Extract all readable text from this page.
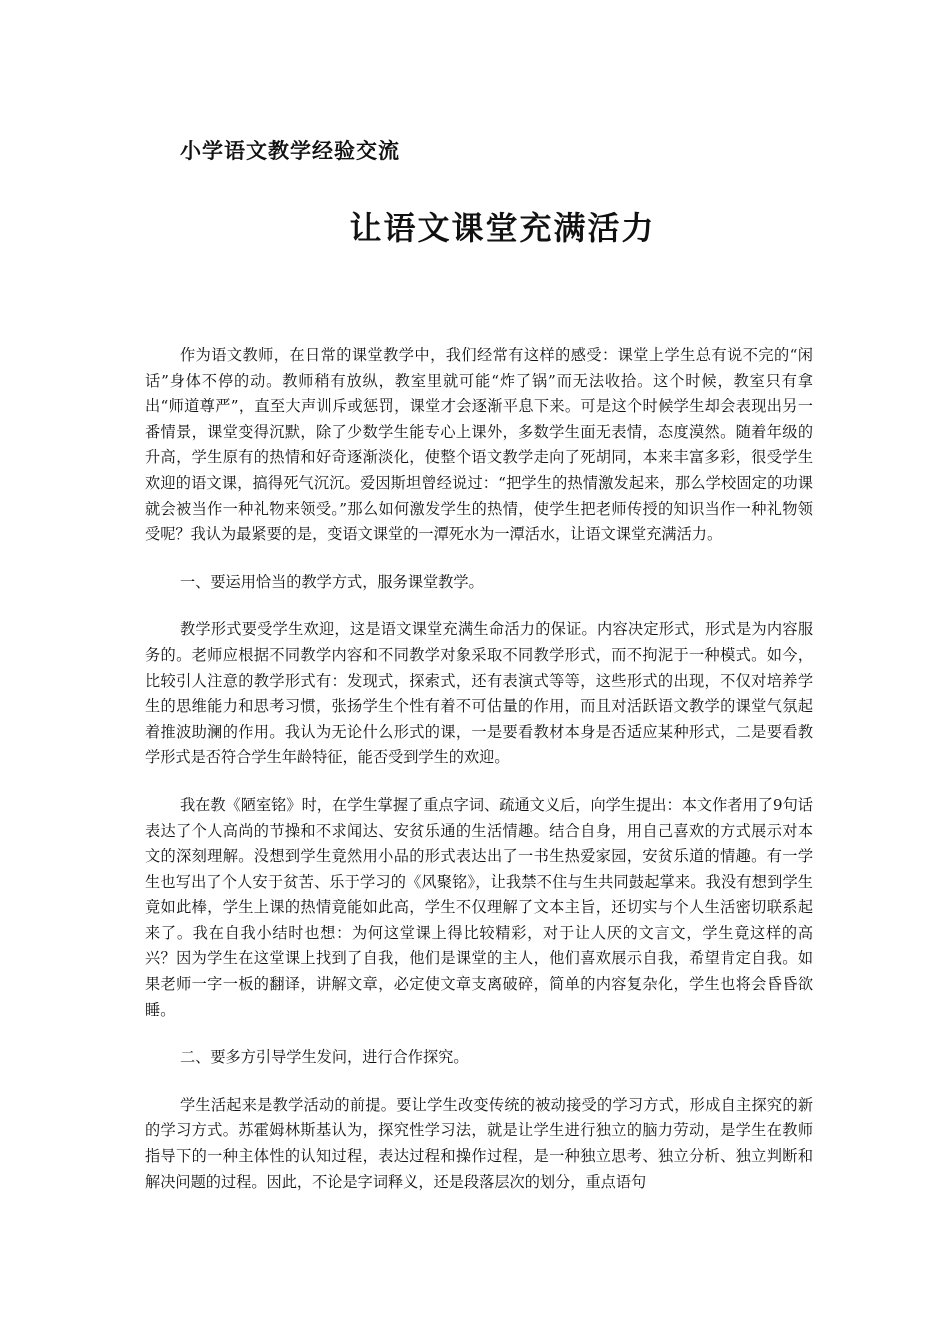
小学语文教学经验交流
让语文课堂充满活力

作为语文教师，在日常的课堂教学中，我们经常有这样的感受：课堂上学生总有说不完的“闲话”身体不停的动。教师稍有放纵，教室里就可能“炸了锅”而无法收拾。这个时候，教室只有拿出“师道尊严”，直至大声训斥或惩罚，课堂才会逐渐平息下来。可是这个时候学生却会表现出另一番情景，课堂变得沉默，除了少数学生能专心上课外，多数学生面无表情，态度漠然。随着年级的升高，学生原有的热情和好奇逐渐淡化，使整个语文教学走向了死胡同，本来丰富多彩，很受学生欢迎的语文课，搞得死气沉沉。爱因斯坦曾经说过：“把学生的热情激发起来，那么学校固定的功课就会被当作一种礼物来领受。”那么如何激发学生的热情，使学生把老师传授的知识当作一种礼物领受呢？我认为最紧要的是，变语文课堂的一潭死水为一潭活水，让语文课堂充满活力。

一、要运用恰当的教学方式，服务课堂教学。

教学形式要受学生欢迎，这是语文课堂充满生命活力的保证。内容决定形式，形式是为内容服务的。老师应根据不同教学内容和不同教学对象采取不同教学形式，而不拘泥于一种模式。如今，比较引人注意的教学形式有：发现式，探索式，还有表演式等等，这些形式的出现，不仅对培养学生的思维能力和思考习惯，张扬学生个性有着不可估量的作用，而且对活跃语文教学的课堂气氛起着推波助澜的作用。我认为无论什么形式的课，一是要看教材本身是否适应某种形式，二是要看教学形式是否符合学生年龄特征，能否受到学生的欢迎。

我在教《陋室铭》时，在学生掌握了重点字词、疏通文义后，向学生提出：本文作者用了9句话表达了个人高尚的节操和不求闻达、安贫乐通的生活情趣。结合自身，用自己喜欢的方式展示对本文的深刻理解。没想到学生竟然用小品的形式表达出了一书生热爱家园，安贫乐道的情趣。有一学生也写出了个人安于贫苦、乐于学习的《风聚铭》，让我禁不住与生共同鼓起掌来。我没有想到学生竟如此棒，学生上课的热情竟能如此高，学生不仅理解了文本主旨，还切实与个人生活密切联系起来了。我在自我小结时也想：为何这堂课上得比较精彩，对于让人厌的文言文，学生竟这样的高兴？因为学生在这堂课上找到了自我，他们是课堂的主人，他们喜欢展示自我，希望肯定自我。如果老师一字一板的翻译，讲解文章，必定使文章支离破碎，简单的内容复杂化，学生也将会昏昏欲睡。

二、要多方引导学生发问，进行合作探究。

学生活起来是教学活动的前提。要让学生改变传统的被动接受的学习方式，形成自主探究的新的学习方式。苏霍姆林斯基认为，探究性学习法，就是让学生进行独立的脑力劳动，是学生在教师指导下的一种主体性的认知过程，表达过程和操作过程，是一种独立思考、独立分析、独立判断和解决问题的过程。因此，不论是字词释义，还是段落层次的划分，重点语句
